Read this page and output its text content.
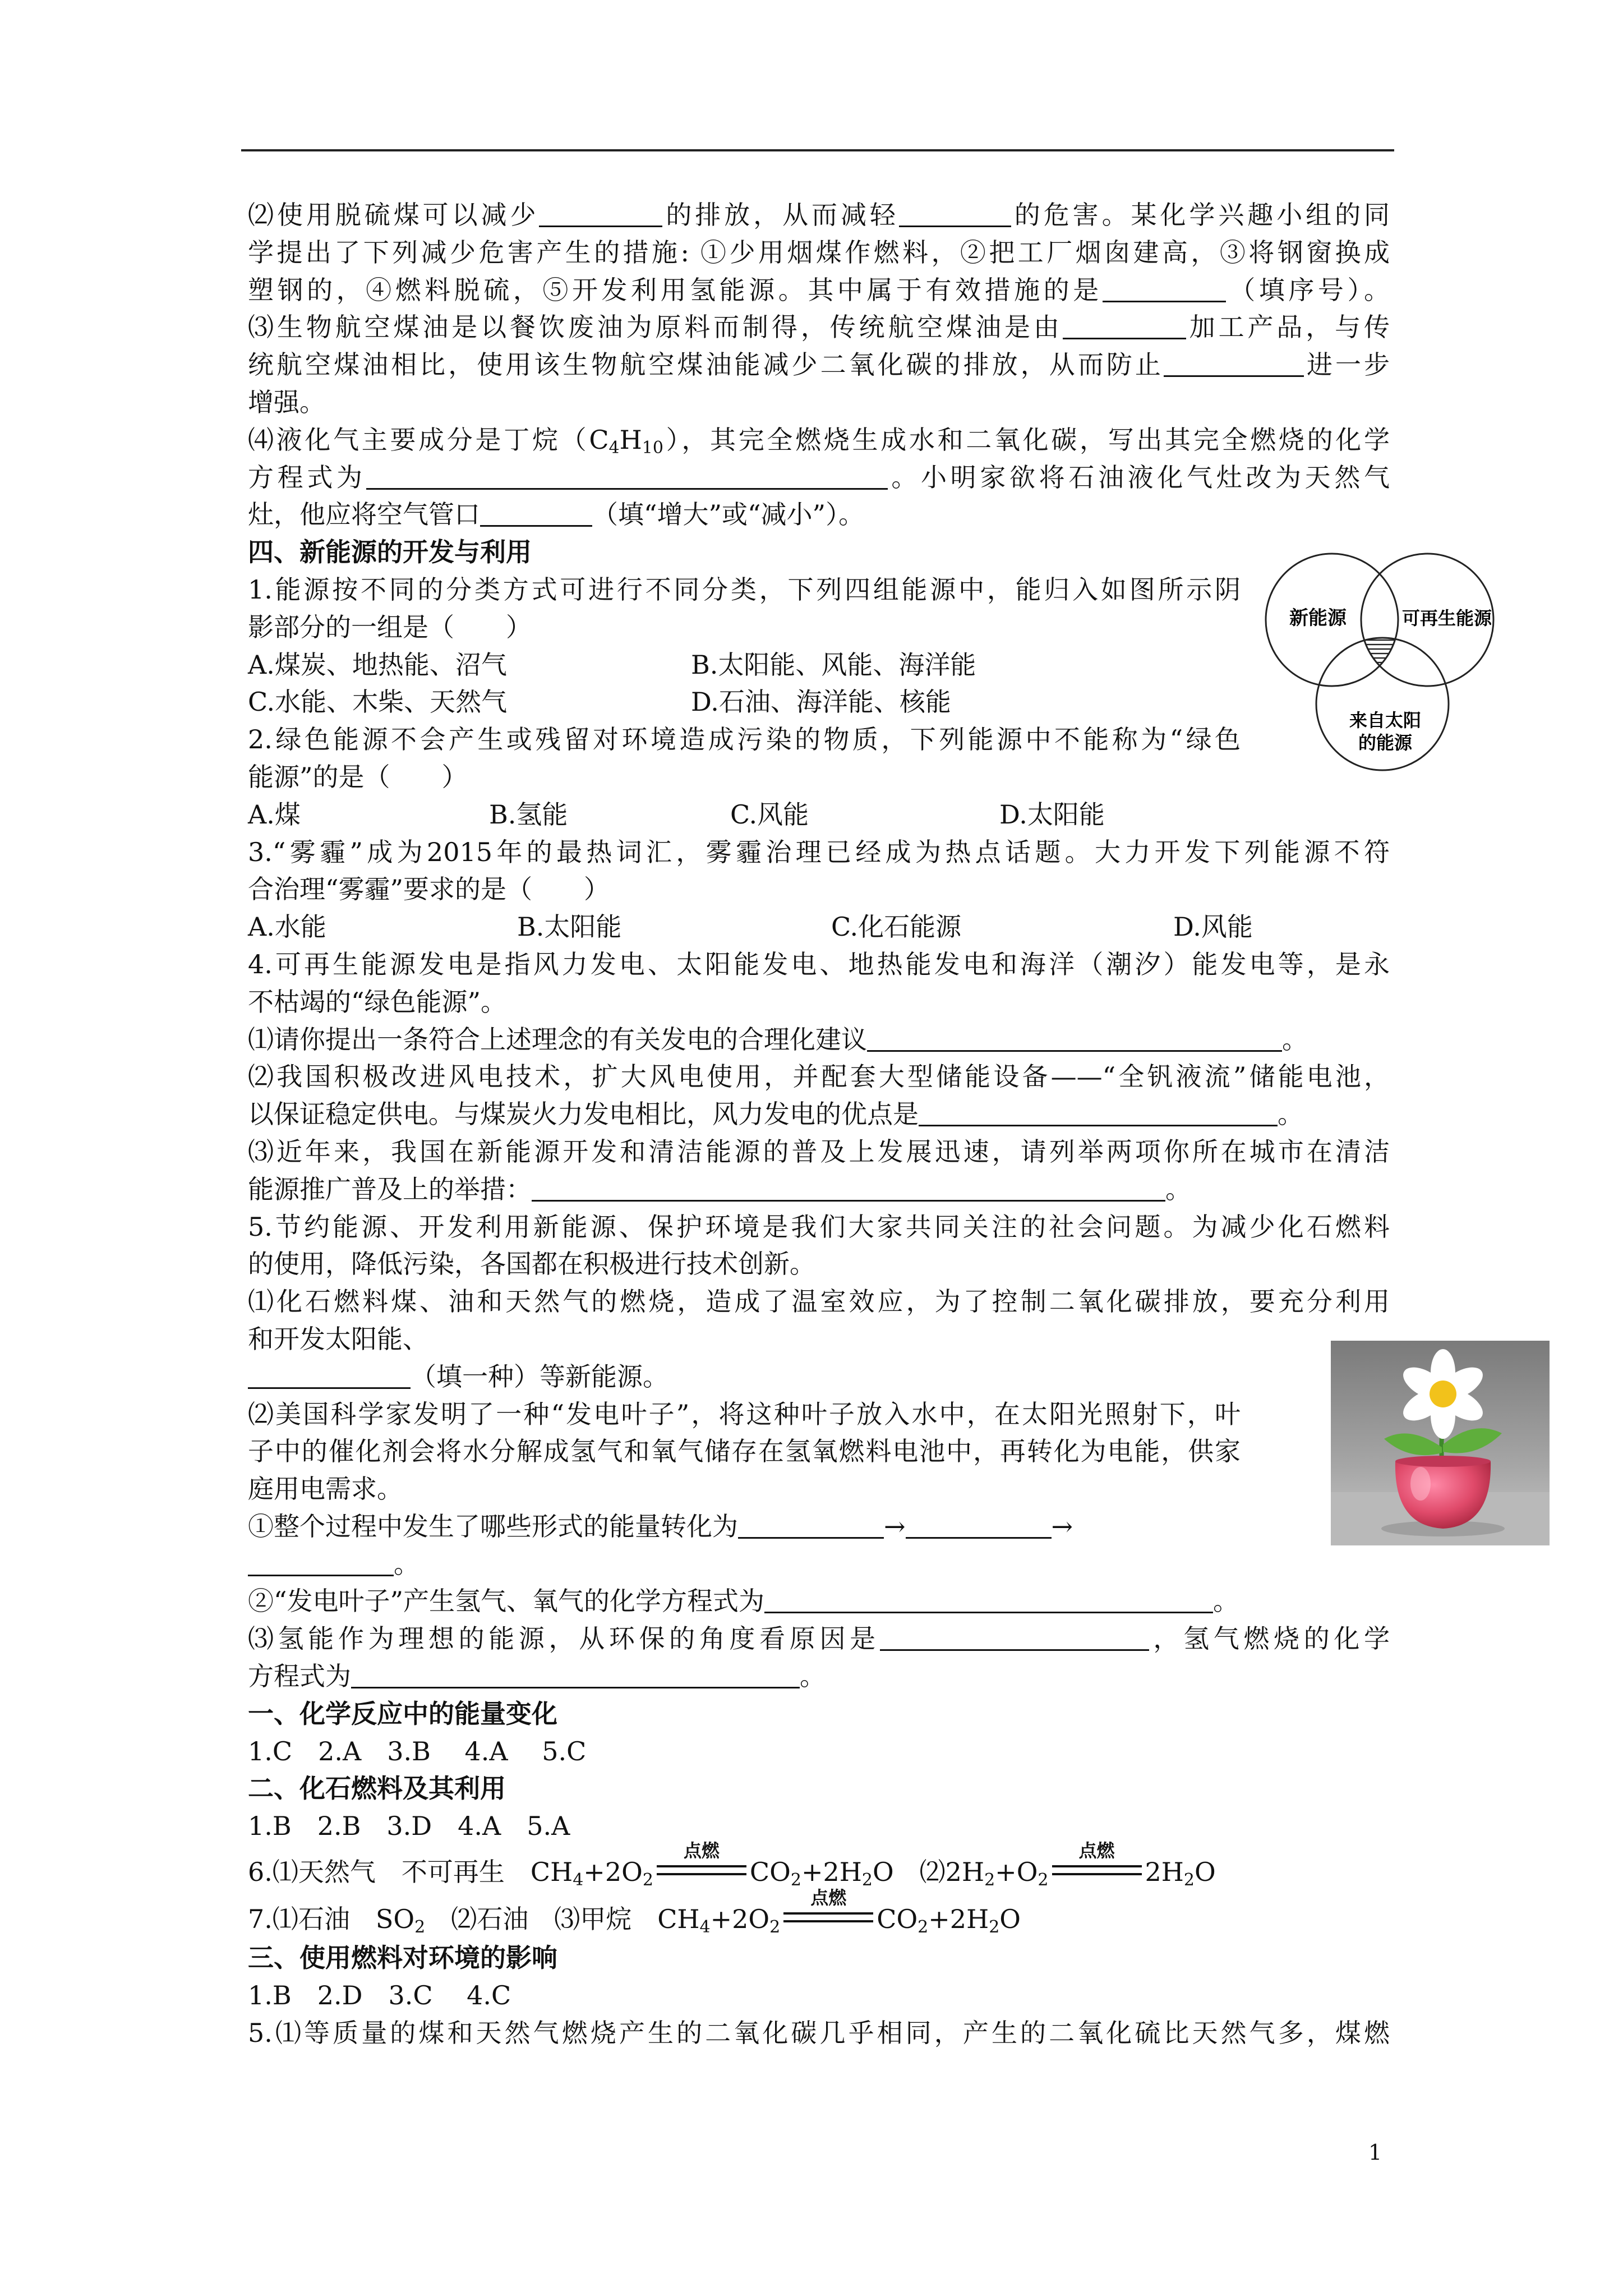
⑵使用脱硫煤可以减少	的排放，从而减轻	的危害。某化学兴趣小组的同
学提出了下列减少危害产生的措施: ①少用烟煤作燃料，②把工厂烟囱建高，③将钢窗换成
塑钢的，④燃料脱硫，⑤开发利用氢能源。其中属于有效措施的是	（填序号）。
⑶生物航空煤油是以餐饮废油为原料而制得，传统航空煤油是由	加工产品，与传
统航空煤油相比，使用该生物航空煤油能减少二氧化碳的排放，从而防止	进一步
增强。
⑷液化气主要成分是丁烷$(C_4H_{10})$，其完全燃烧生成水和二氧化碳，写出其完全燃烧的化学
方程式为	。小明家欲将石油液化气灶改为天然气
灶，他应将空气管口	（填“增大”或“减小”）。
四、新能源的开发与利用
1.能源按不同的分类方式可进行不同分类，下列四组能源中，能归入如图所示阴
影部分的一组是（　　）
A.煤炭、地热能、沼气	B.太阳能、风能、海洋能
C.水能、木柴、天然气	D.石油、海洋能、核能
2.绿色能源不会产生或残留对环境造成污染的物质，下列能源中不能称为“绿色
能源”的是（　　）
A.煤	B.氢能	C.风能	D.太阳能
3.“雾霾”成为2015年的最热词汇，雾霾治理已经成为热点话题。大力开发下列能源不符
合治理“雾霾”要求的是（　　）
A.水能	B.太阳能	C.化石能源	D.风能
4.可再生能源发电是指风力发电、太阳能发电、地热能发电和海洋（潮汐）能发电等，是永
不枯竭的“绿色能源”。
⑴请你提出一条符合上述理念的有关发电的合理化建议	。
⑵我国积极改进风电技术，扩大风电使用，并配套大型储能设备——“全钒液流”储能电池，
以保证稳定供电。与煤炭火力发电相比，风力发电的优点是	。
⑶近年来，我国在新能源开发和清洁能源的普及上发展迅速，请列举两项你所在城市在清洁
能源推广普及上的举措：	。
5.节约能源、开发利用新能源、保护环境是我们大家共同关注的社会问题。为减少化石燃料
的使用，降低污染，各国都在积极进行技术创新。
⑴化石燃料煤、油和天然气的燃烧，造成了温室效应，为了控制二氧化碳排放，要充分利用
和开发太阳能、
（填一种）等新能源。
⑵美国科学家发明了一种“发电叶子”，将这种叶子放入水中，在太阳光照射下，叶
子中的催化剂会将水分解成氢气和氧气储存在氢氧燃料电池中，再转化为电能，供家
庭用电需求。
①整个过程中发生了哪些形式的能量转化为	→	→
。
②“发电叶子”产生氢气、氧气的化学方程式为	。
⑶氢能作为理想的能源，从环保的角度看原因是	，氢气燃烧的化学
方程式为	。
一、化学反应中的能量变化
1.C　2.A　3.B　 4.A　 5.C
二、化石燃料及其利用
1.B　2.B　3.D　4.A　5.A
6.⑴天然气　不可再生　$CH_4+2O_2$
点燃
$CO_2+2H_2O$　$⑵2H_2+O_2$
点燃
$2H_2O$
7.⑴石油　$SO_2$　⑵石油　⑶甲烷　$CH_4+2O_2$
点燃
$CO_2+2H_2O$
三、使用燃料对环境的影响
1.B　2.D　3.C　 4.C
5.⑴等质量的煤和天然气燃烧产生的二氧化碳几乎相同，产生的二氧化硫比天然气多，煤燃
新能源	可再生能源
来自太阳
的能源
1
